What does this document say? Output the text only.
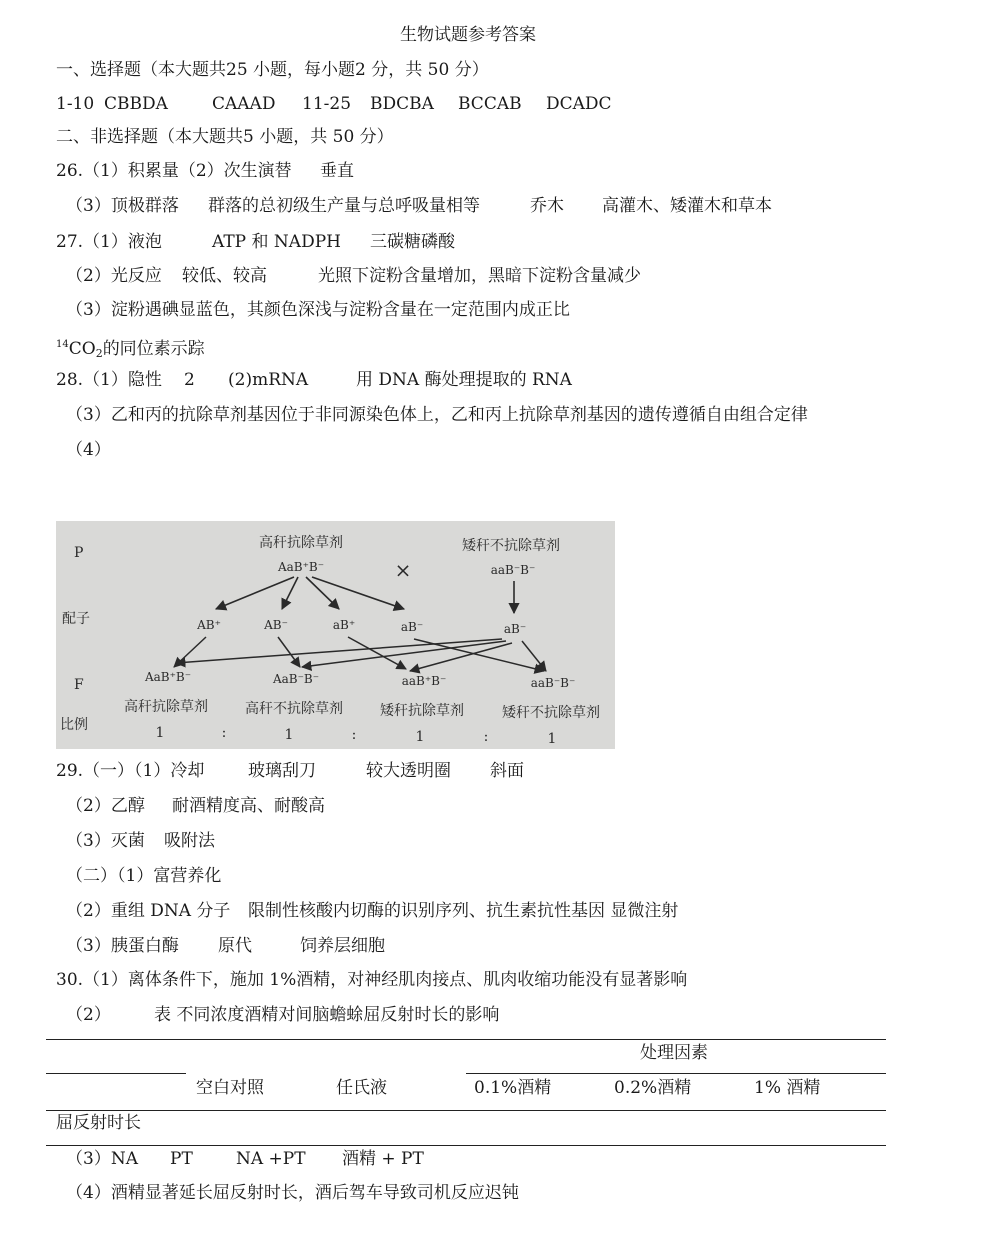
生物试题参考答案
一、选择题（本大题共25 小题，每小题2 分，共 50 分）
1-10 CBBDA	CAAAD 11-25 BDCBA BCCAB DCADC
二、非选择题（本大题共5 小题，共 50 分）
26.（1）积累量（2）次生演替 垂直
（3）顶极群落 群落的总初级生产量与总呼吸量相等	乔木 高灌木、矮灌木和草本
27.（1）液泡	ATP 和 NADPH 三碳糖磷酸
（2）光反应 较低、较高	光照下淀粉含量增加，黑暗下淀粉含量减少
（3）淀粉遇碘显蓝色，其颜色深浅与淀粉含量在一定范围内成正比
$^{14}CO_2$的同位素示踪
28.（1）隐性 2 (2)mRNA	用 DNA 酶处理提取的 RNA
（3）乙和丙的抗除草剂基因位于非同源染色体上，乙和丙上抗除草剂基因的遗传遵循自由组合定律
（4）
P
配子
F
比例
高秆抗除草剂
AaB⁺B⁻	×
矮秆不抗除草剂
aaB⁻B⁻
AB⁺	AB⁻	aB⁺	aB⁻	aB⁻
AaB⁺B⁻	AaB⁻B⁻	aaB⁺B⁻	aaB⁻B⁻
高秆抗除草剂	高秆不抗除草剂	矮秆抗除草剂	矮秆不抗除草剂
1	:	1	:	1	:	1
29.（一）（1）冷却	玻璃刮刀	较大透明圈 斜面
（2）乙醇 耐酒精度高、耐酸高
（3）灭菌 吸附法
（二）（1）富营养化
（2）重组 DNA 分子 限制性核酸内切酶的识别序列、抗生素抗性基因 显微注射
（3）胰蛋白酶 原代	饲养层细胞
30.（1）离体条件下，施加 1%酒精，对神经肌肉接点、肌肉收缩功能没有显著影响
（2）	表 不同浓度酒精对间脑蟾蜍屈反射时长的影响
处理因素
空白对照	任氏液	0.1%酒精	0.2%酒精	1% 酒精
屈反射时长
（3）NA PT	NA +PT 酒精 + PT
（4）酒精显著延长屈反射时长，酒后驾车导致司机反应迟钝
